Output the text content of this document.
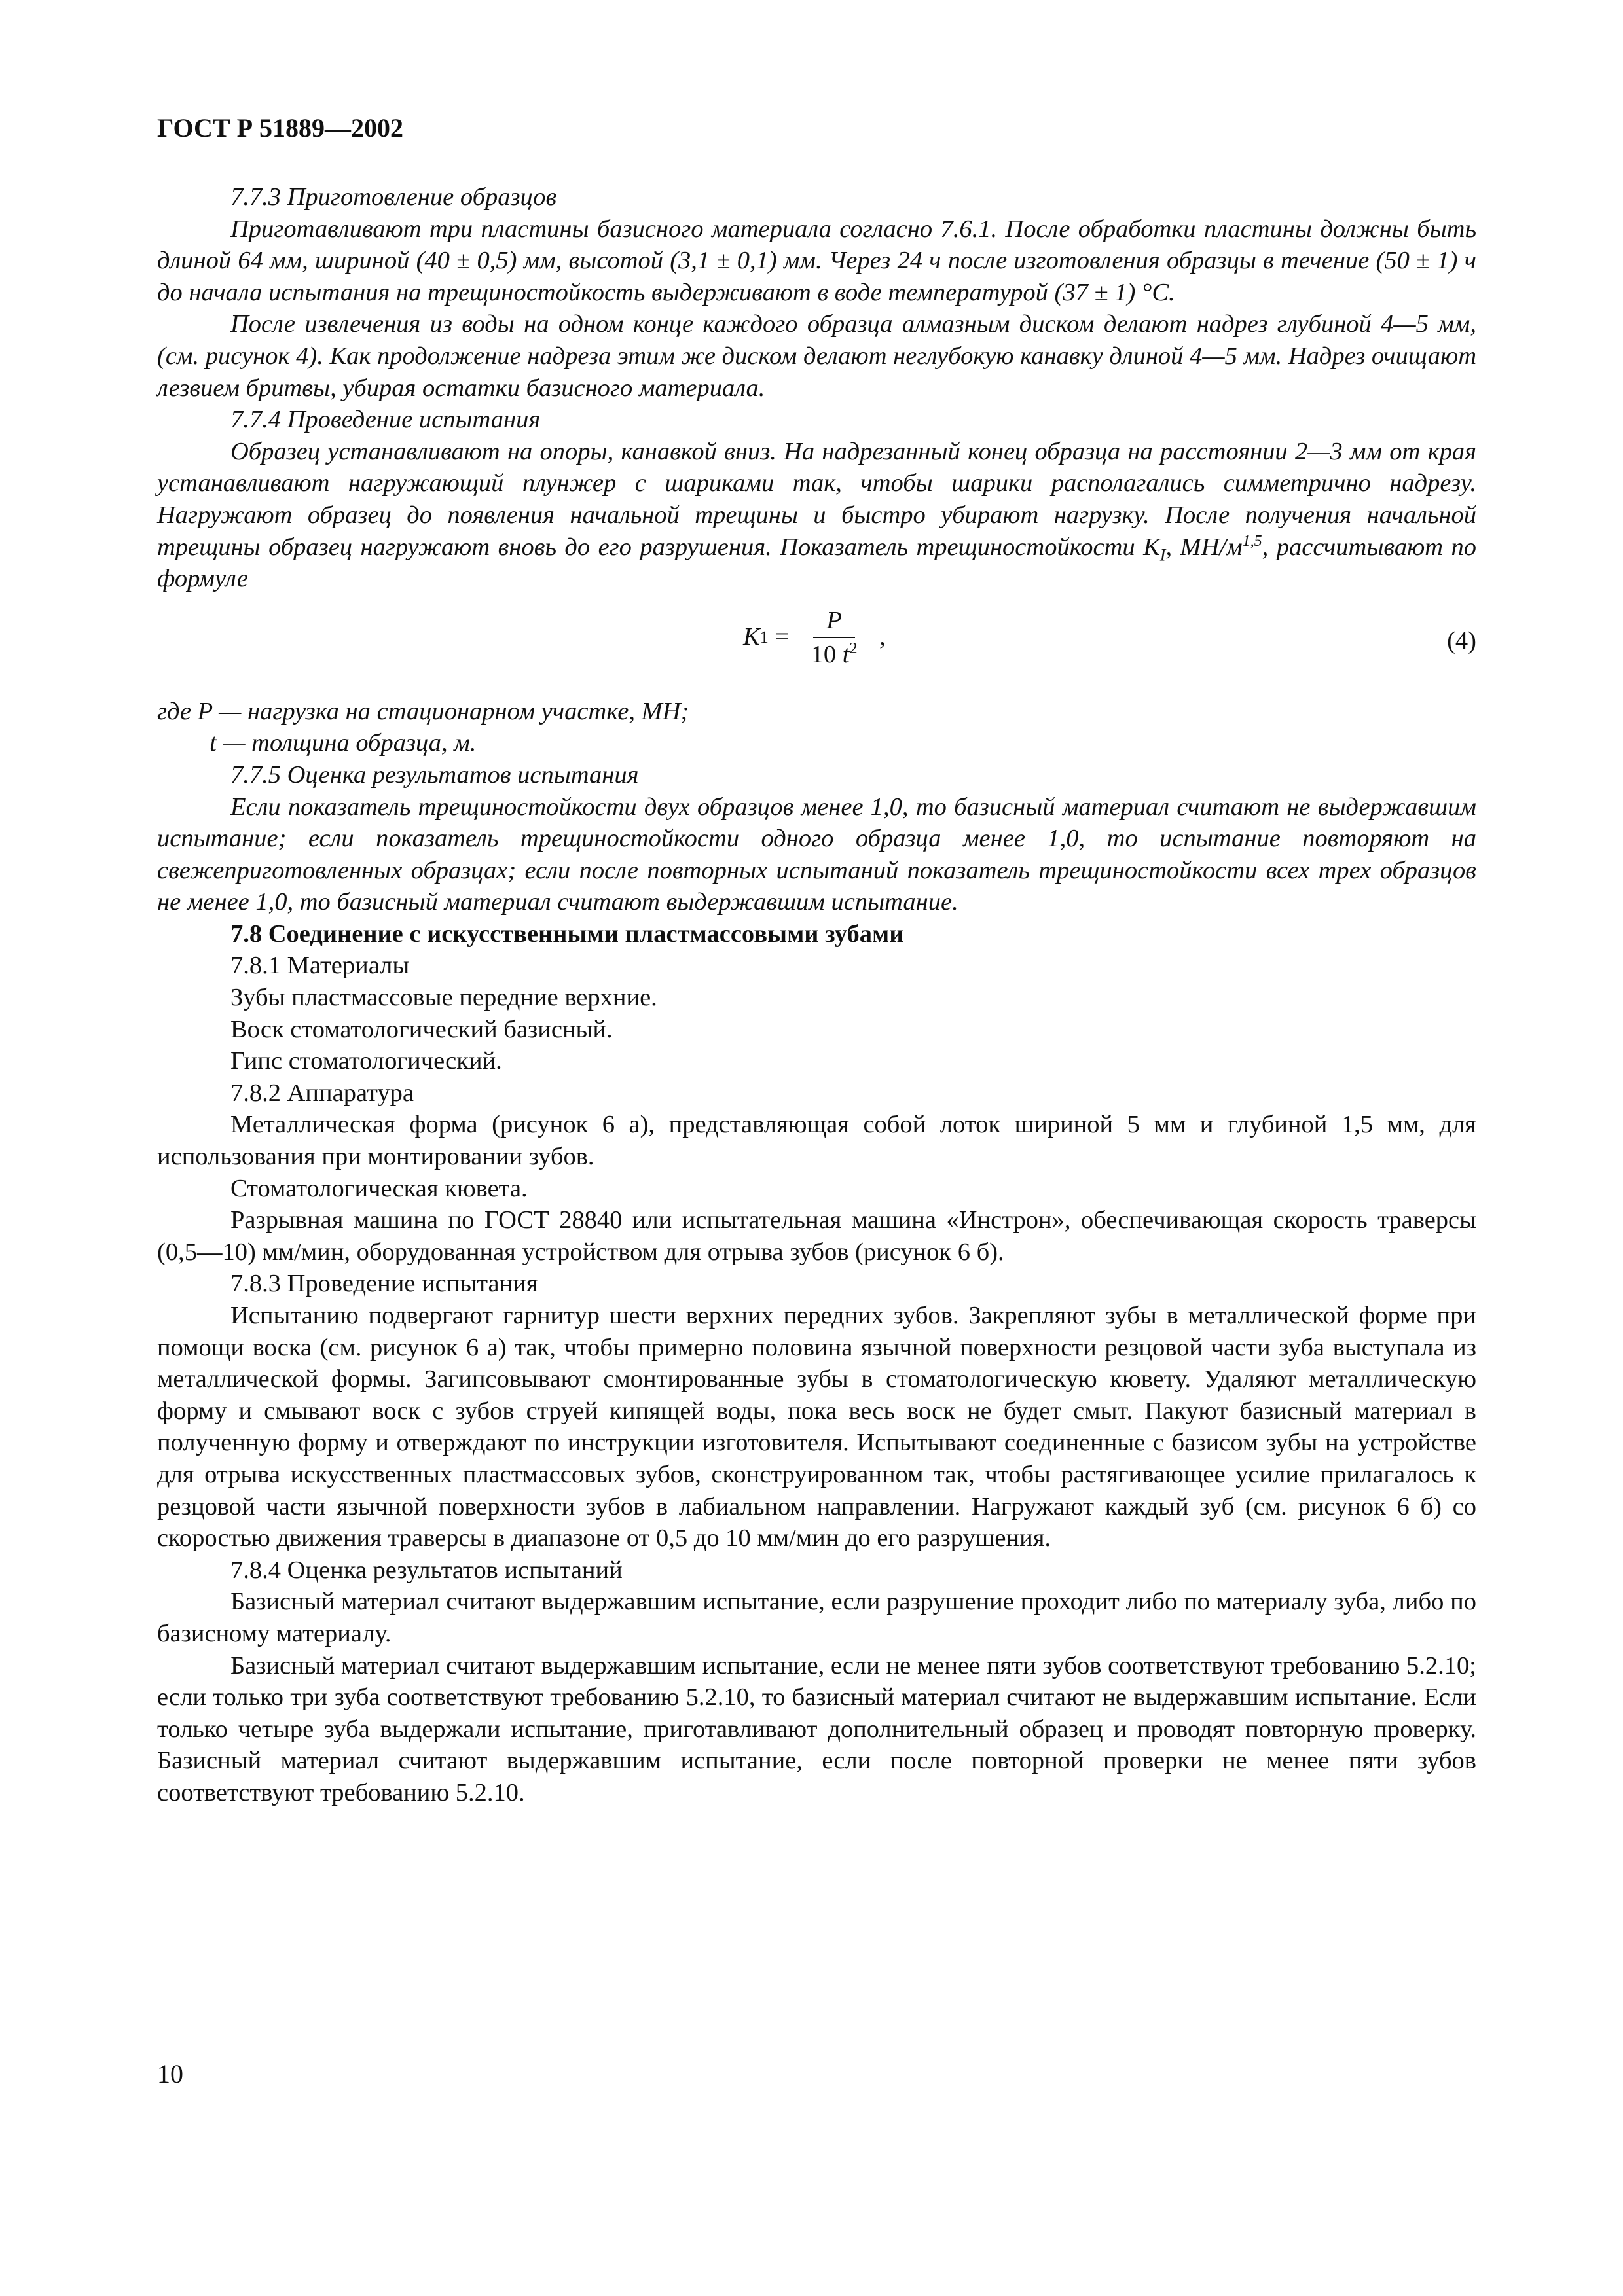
ГОСТ Р 51889—2002

7.7.3 Приготовление образцов

Приготавливают три пластины базисного материала согласно 7.6.1. После обработки пластины должны быть длиной 64 мм, шириной (40 ± 0,5) мм, высотой (3,1 ± 0,1) мм. Через 24 ч после изготовления образцы в течение (50 ± 1) ч до начала испытания на трещиностойкость выдерживают в воде температурой (37 ± 1) °С.

После извлечения из воды на одном конце каждого образца алмазным диском делают надрез глубиной 4—5 мм, (см. рисунок 4). Как продолжение надреза этим же диском делают неглубокую канавку длиной 4—5 мм. Надрез очищают лезвием бритвы, убирая остатки базисного материала.

7.7.4 Проведение испытания

Образец устанавливают на опоры, канавкой вниз. На надрезанный конец образца на расстоянии 2—3 мм от края устанавливают нагружающий плунжер с шариками так, чтобы шарики располагались симметрично надрезу. Нагружают образец до появления начальной трещины и быстро убирают нагрузку. После получения начальной трещины образец нагружают вновь до его разрушения. Показатель трещиностойкости $K_I$, $МН/м^{1,5}$, рассчитывают по формуле

K $1 = \frac{P}{10 t^2}$ ,	(4)

где P — нагрузка на стационарном участке, МН;

t — толщина образца, м.

7.7.5 Оценка результатов испытания

Если показатель трещиностойкости двух образцов менее 1,0, то базисный материал считают не выдержавшим испытание; если показатель трещиностойкости одного образца менее 1,0, то испытание повторяют на свежеприготовленных образцах; если после повторных испытаний показатель трещиностойкости всех трех образцов не менее 1,0, то базисный материал считают выдержавшим испытание.

7.8 Соединение с искусственными пластмассовыми зубами

7.8.1 Материалы

Зубы пластмассовые передние верхние.

Воск стоматологический базисный.

Гипс стоматологический.

7.8.2 Аппаратура

Металлическая форма (рисунок 6 а), представляющая собой лоток шириной 5 мм и глубиной 1,5 мм, для использования при монтировании зубов.

Стоматологическая кювета.

Разрывная машина по ГОСТ 28840 или испытательная машина «Инстрон», обеспечивающая скорость траверсы (0,5—10) мм/мин, оборудованная устройством для отрыва зубов (рисунок 6 б).

7.8.3 Проведение испытания

Испытанию подвергают гарнитур шести верхних передних зубов. Закрепляют зубы в металлической форме при помощи воска (см. рисунок 6 а) так, чтобы примерно половина язычной поверхности резцовой части зуба выступала из металлической формы. Загипсовывают смонтированные зубы в стоматологическую кювету. Удаляют металлическую форму и смывают воск с зубов струей кипящей воды, пока весь воск не будет смыт. Пакуют базисный материал в полученную форму и отверждают по инструкции изготовителя. Испытывают соединенные с базисом зубы на устройстве для отрыва искусственных пластмассовых зубов, сконструированном так, чтобы растягивающее усилие прилагалось к резцовой части язычной поверхности зубов в лабиальном направлении. Нагружают каждый зуб (см. рисунок 6 б) со скоростью движения траверсы в диапазоне от 0,5 до 10 мм/мин до его разрушения.

7.8.4 Оценка результатов испытаний

Базисный материал считают выдержавшим испытание, если разрушение проходит либо по материалу зуба, либо по базисному материалу.

Базисный материал считают выдержавшим испытание, если не менее пяти зубов соответствуют требованию 5.2.10; если только три зуба соответствуют требованию 5.2.10, то базисный материал считают не выдержавшим испытание. Если только четыре зуба выдержали испытание, приготавливают дополнительный образец и проводят повторную проверку. Базисный материал считают выдержавшим испытание, если после повторной проверки не менее пяти зубов соответствуют требованию 5.2.10.

10
